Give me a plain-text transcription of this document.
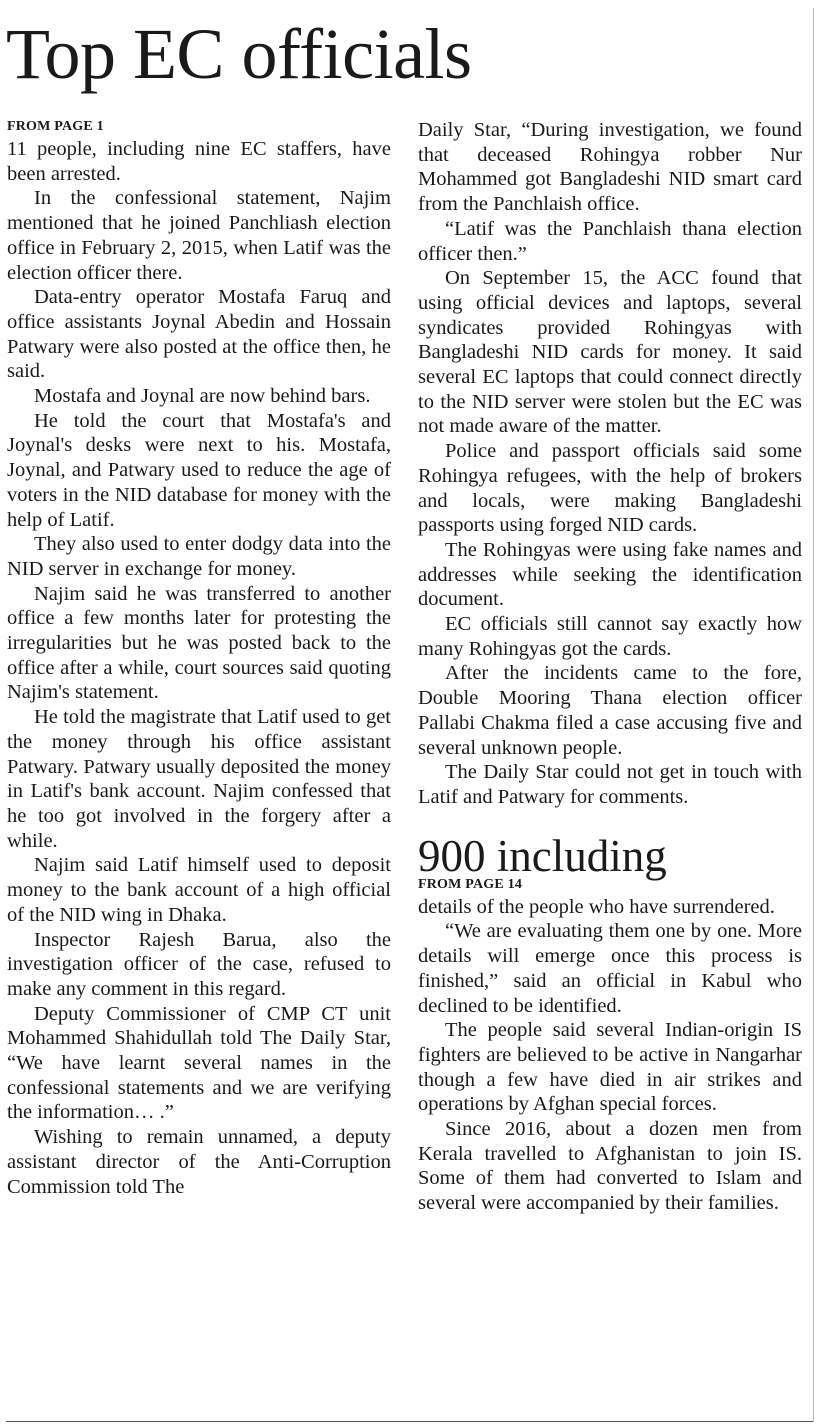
Top EC officials
FROM PAGE 1

11 people, including nine EC staffers, have been arrested.

In the confessional statement, Najim mentioned that he joined Panchliash election office in February 2, 2015, when Latif was the election officer there.

Data-entry operator Mostafa Faruq and office assistants Joynal Abedin and Hossain Patwary were also posted at the office then, he said.

Mostafa and Joynal are now behind bars.

He told the court that Mostafa's and Joynal's desks were next to his. Mostafa, Joynal, and Patwary used to reduce the age of voters in the NID database for money with the help of Latif.

They also used to enter dodgy data into the NID server in exchange for money.

Najim said he was transferred to another office a few months later for protesting the irregularities but he was posted back to the office after a while, court sources said quoting Najim's statement.

He told the magistrate that Latif used to get the money through his office assistant Patwary. Patwary usually deposited the money in Latif's bank account. Najim confessed that he too got involved in the forgery after a while.

Najim said Latif himself used to deposit money to the bank account of a high official of the NID wing in Dhaka.

Inspector Rajesh Barua, also the investigation officer of the case, refused to make any comment in this regard.

Deputy Commissioner of CMP CT unit Mohammed Shahidullah told The Daily Star, “We have learnt several names in the confessional statements and we are verifying the information… .”

Wishing to remain unnamed, a deputy assistant director of the Anti-Corruption Commission told The

Daily Star, “During investigation, we found that deceased Rohingya robber Nur Mohammed got Bangladeshi NID smart card from the Panchlaish office.

“Latif was the Panchlaish thana election officer then.”

On September 15, the ACC found that using official devices and laptops, several syndicates provided Rohingyas with Bangladeshi NID cards for money. It said several EC laptops that could connect directly to the NID server were stolen but the EC was not made aware of the matter.

Police and passport officials said some Rohingya refugees, with the help of brokers and locals, were making Bangladeshi passports using forged NID cards.

The Rohingyas were using fake names and addresses while seeking the identification document.

EC officials still cannot say exactly how many Rohingyas got the cards.

After the incidents came to the fore, Double Mooring Thana election officer Pallabi Chakma filed a case accusing five and several unknown people.

The Daily Star could not get in touch with Latif and Patwary for comments.

900 including
FROM PAGE 14

details of the people who have surrendered.

“We are evaluating them one by one. More details will emerge once this process is finished,” said an official in Kabul who declined to be identified.

The people said several Indian-origin IS fighters are believed to be active in Nangarhar though a few have died in air strikes and operations by Afghan special forces.

Since 2016, about a dozen men from Kerala travelled to Afghanistan to join IS. Some of them had converted to Islam and several were accompanied by their families.
